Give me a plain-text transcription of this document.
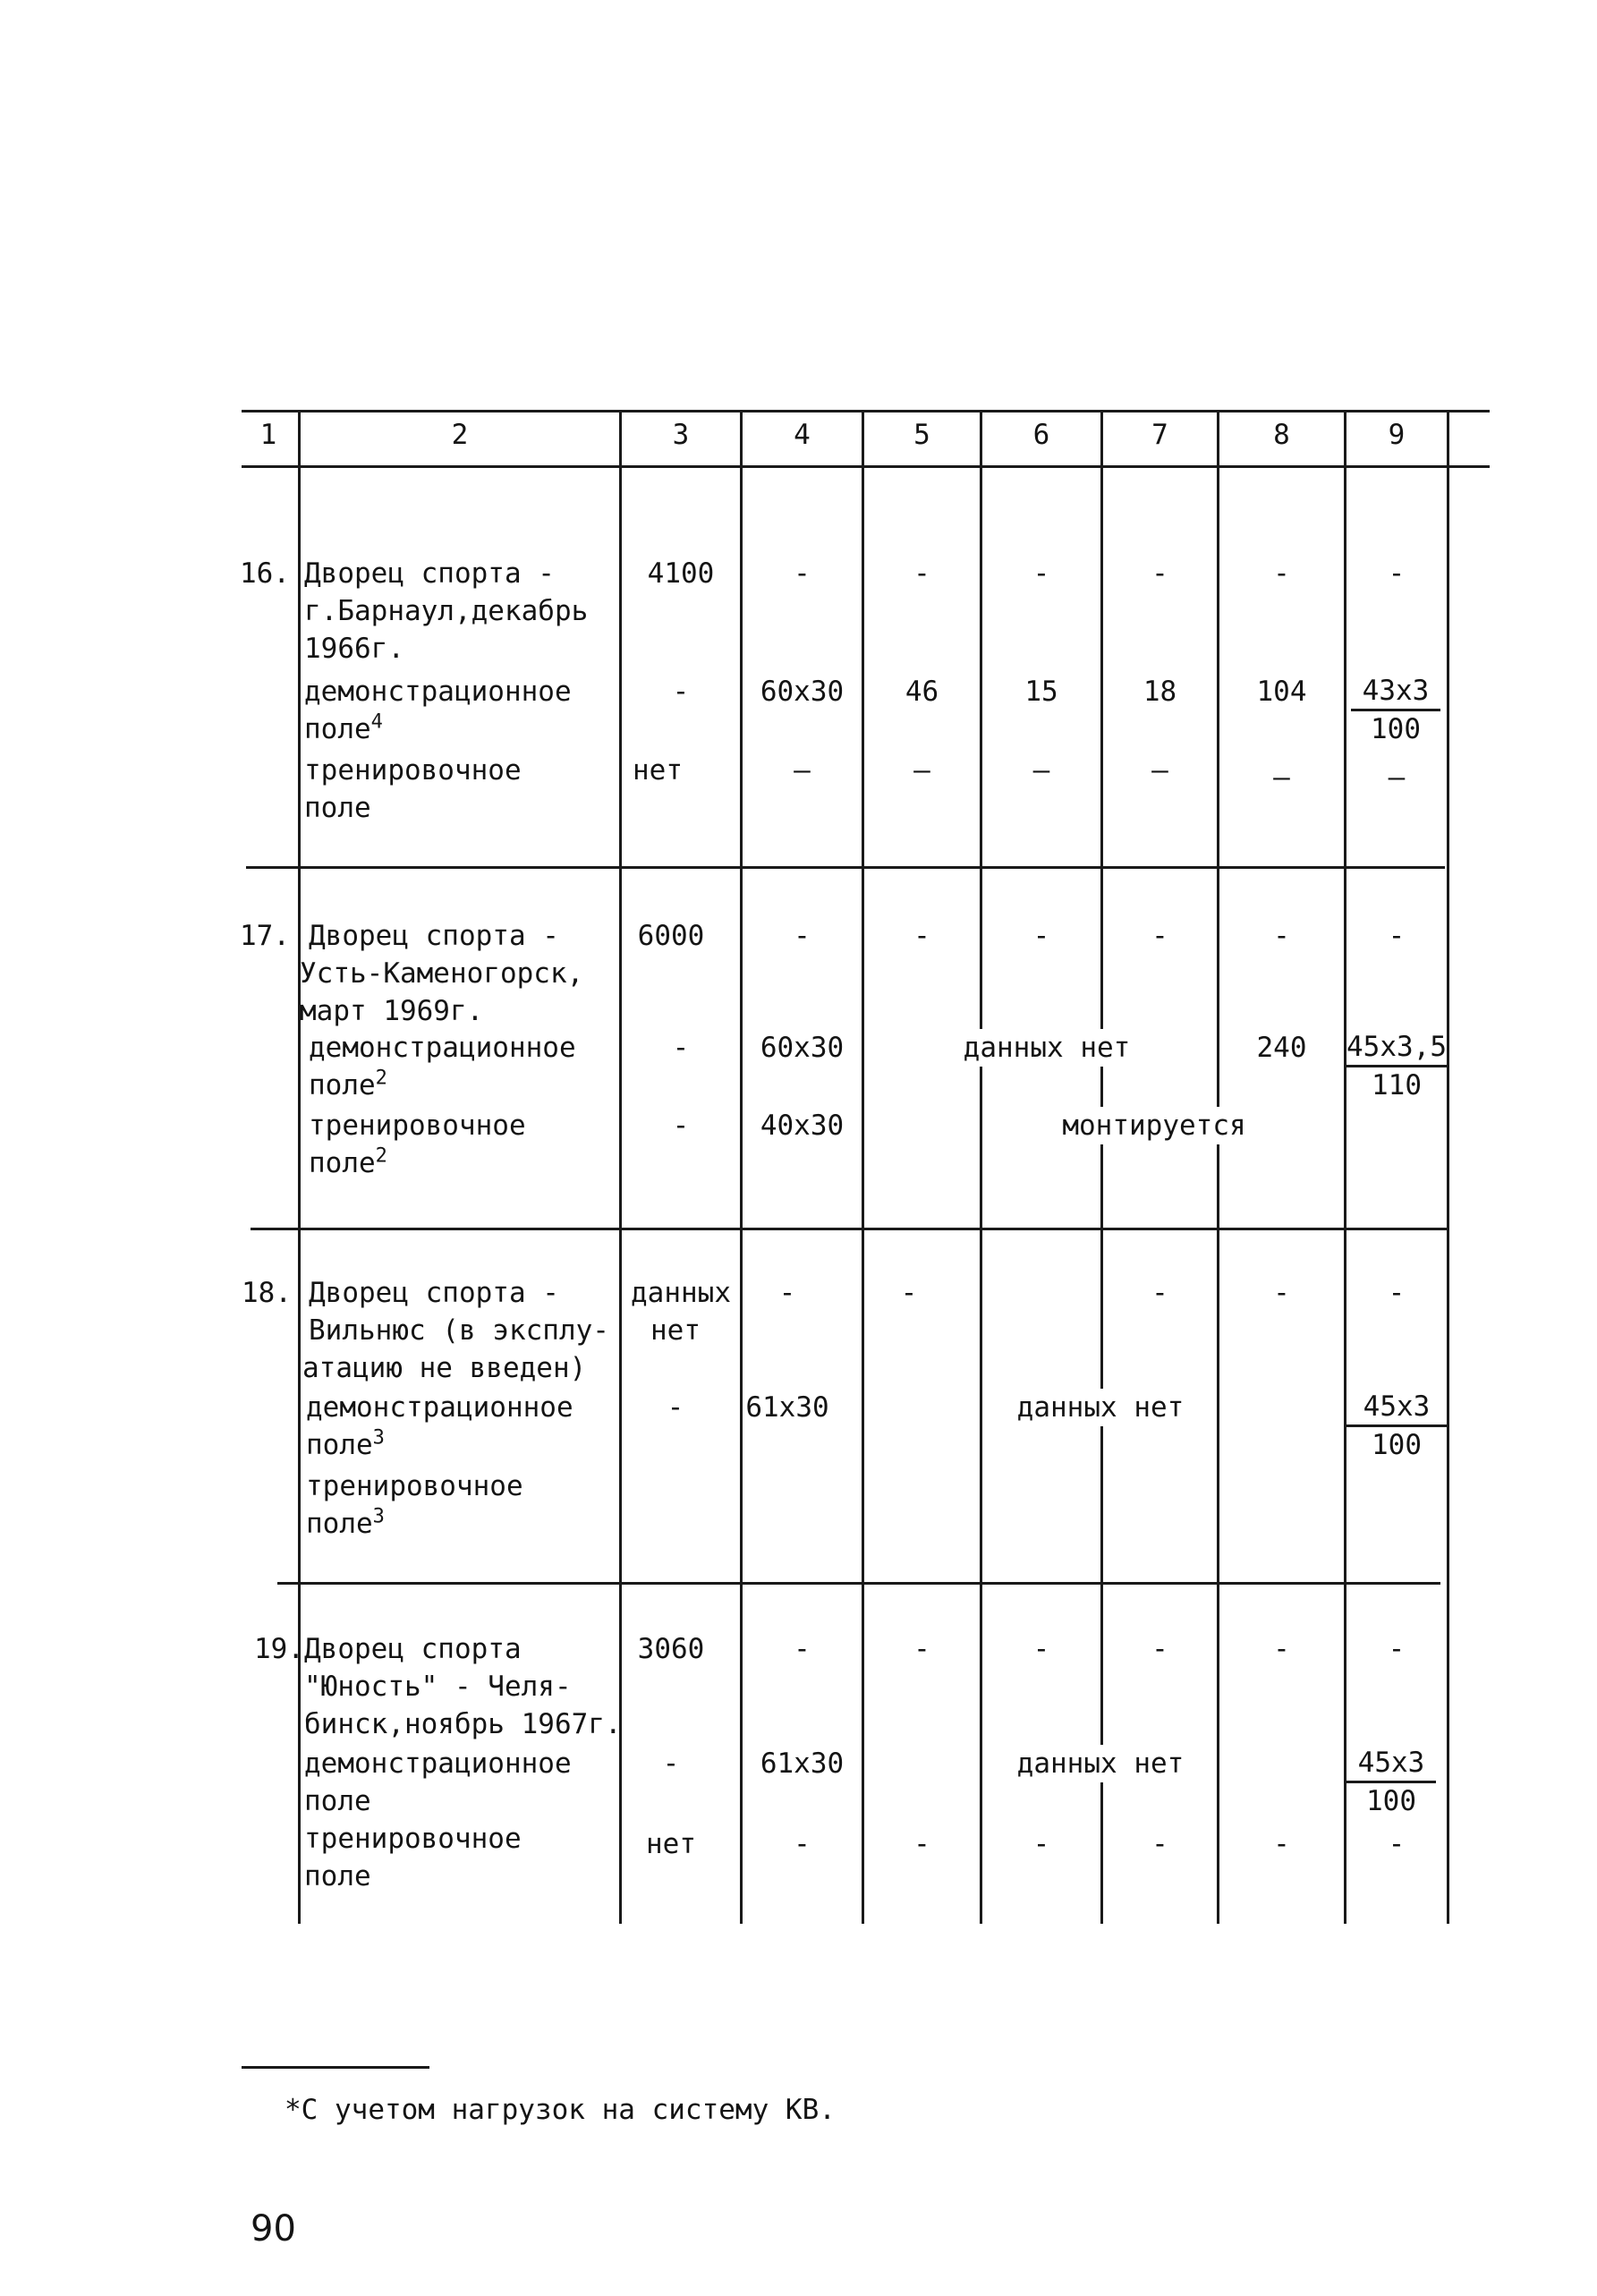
1	2	3	4	5	6	7	8	9
16. Дворец спорта -
г.Барнаул,декабрь
1966г.
4100	-	-	-	-	-	-
демонстрационное
поле$^4$
-	60x30	46	15	18	104	$\frac{43x3}{100}$
тренировочное
поле
нет	—	—	—	—	—	—
17. Дворец спорта -
Усть-Каменогорск,
март 1969г.
6000	-	-	-	-	-	-
демонстрационное
поле$^2$
-	60x30	данных нет	240	$\frac{45x3,5}{110}$
тренировочное
поле$^2$
-	40x30	монтируется
18. Дворец спорта -
Вильнюс (в эксплу-
атацию не введен)
данных
нет
-	-	-	-	-
демонстрационное
поле$^3$
-	61x30	данных нет	$\frac{45x3}{100}$
тренировочное
поле$^3$
19. Дворец спорта
"Юность" - Челя-
бинск,ноябрь 1967г.
3060	-	-	-	-	-	-
демонстрационное
поле
-	61x30	данных нет	$\frac{45x3}{100}$
тренировочное
поле
нет	-	-	-	-	-	-
*С учетом нагрузок на систему КВ.
90
